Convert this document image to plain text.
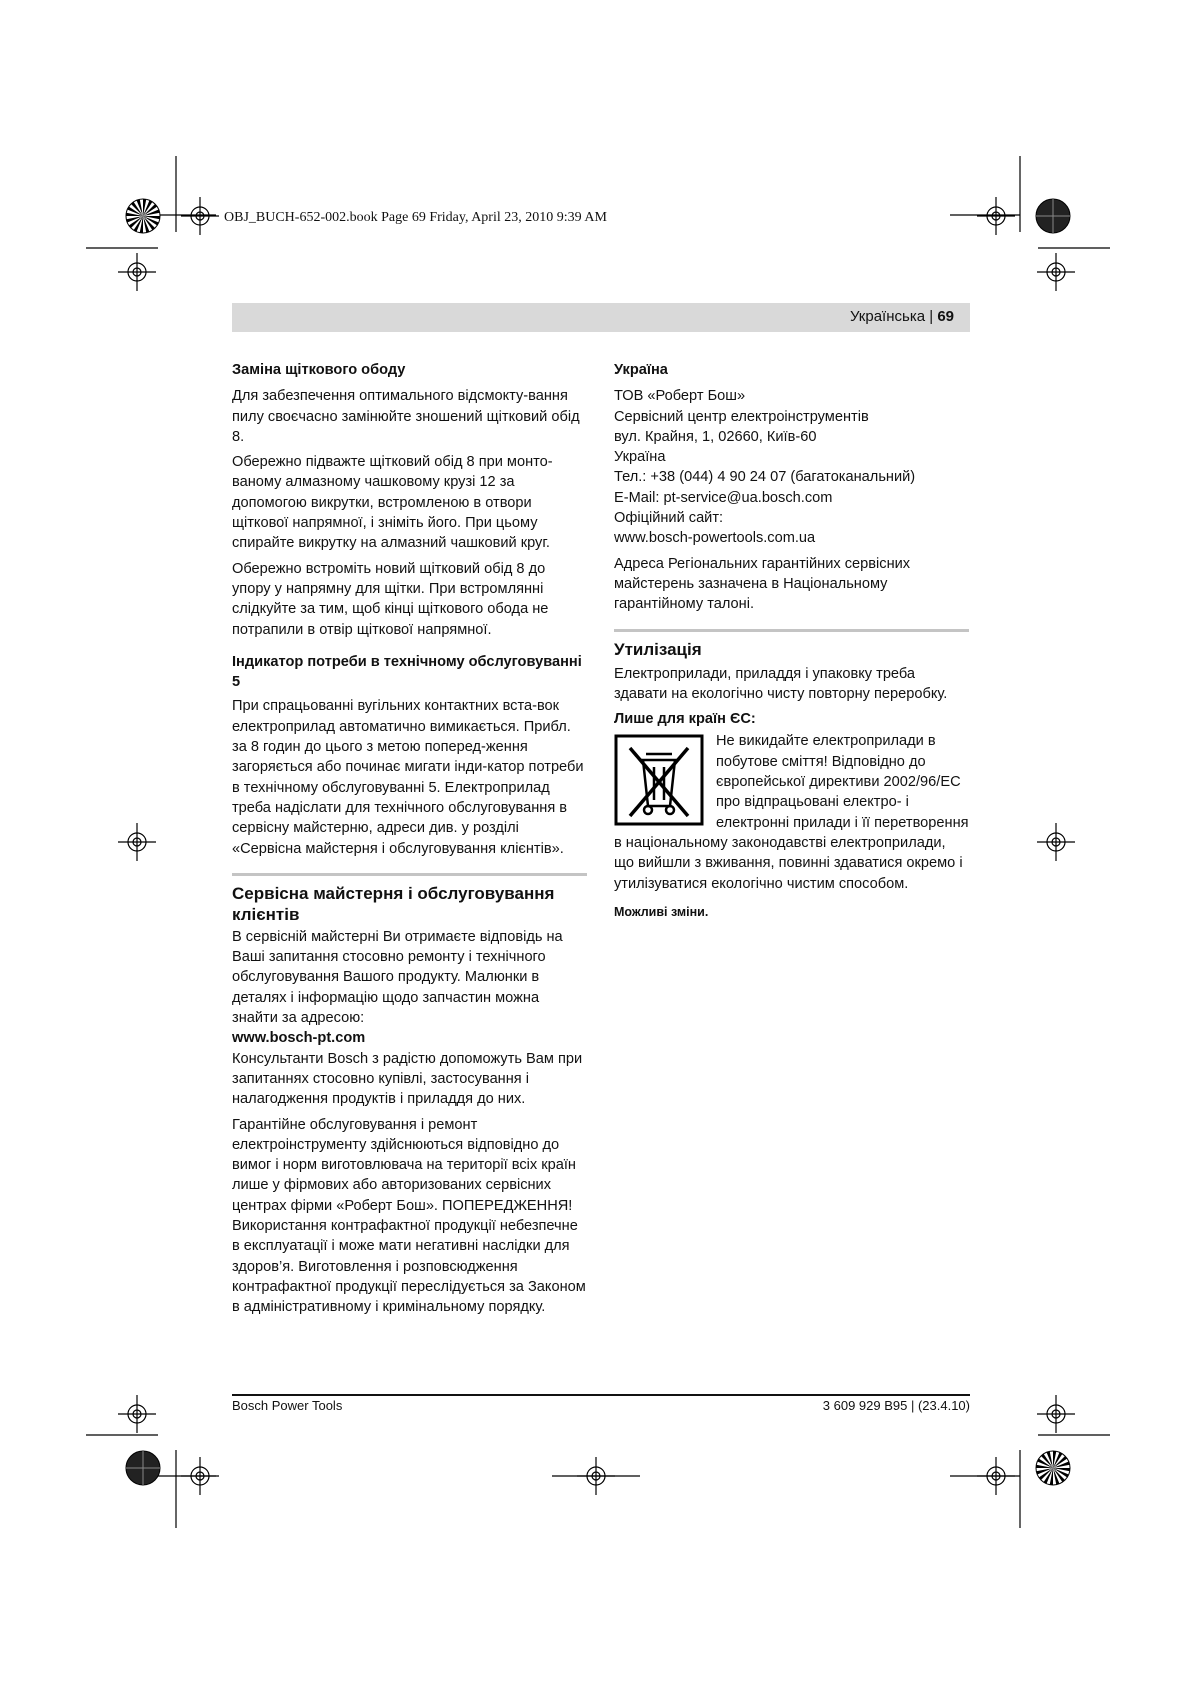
OBJ_BUCH-652-002.book Page 69 Friday, April 23, 2010 9:39 AM
Українська | 69
Заміна щіткового ободу

Для забезпечення оптимального відсмокту-вання пилу своєчасно замінюйте зношений щітковий обід 8.

Обережно підважте щітковий обід 8 при монто-ваному алмазному чашковому крузі 12 за допомогою викрутки, встромленою в отвори щіткової напрямної, і зніміть його. При цьому спирайте викрутку на алмазний чашковий круг.

Обережно встроміть новий щітковий обід 8 до упору у напрямну для щітки. При встромлянні слідкуйте за тим, щоб кінці щіткового обода не потрапили в отвір щіткової напрямної.

Індикатор потреби в технічному обслуговуванні 5

При спрацьованні вугільних контактних вста-вок електроприлад автоматично вимикається. Прибл. за 8 годин до цього з метою поперед-ження загоряється або починає мигати інди-катор потреби в технічному обслуговуванні 5. Електроприлад треба надіслати для технічного обслуговування в сервісну майстерню, адреси див. у розділі «Сервісна майстерня і обслуговування клієнтів».

Сервісна майстерня і обслуговування клієнтів

В сервісній майстерні Ви отримаєте відповідь на Ваші запитання стосовно ремонту і технічного обслуговування Вашого продукту. Малюнки в деталях і інформацію щодо запчастин можна знайти за адресою:

www.bosch-pt.com

Консультанти Bosch з радістю допоможуть Вам при запитаннях стосовно купівлі, застосування і налагодження продуктів і приладдя до них.

Гарантійне обслуговування і ремонт електроінструменту здійснюються відповідно до вимог і норм виготовлювача на території всіх країн лише у фірмових або авторизованих сервісних центрах фірми «Роберт Бош». ПОПЕРЕДЖЕННЯ! Використання контрафактної продукції небезпечне в експлуатації і може мати негативні наслідки для здоров’я. Виготовлення і розповсюдження контрафактної продукції переслідується за Законом в адміністративному і кримінальному порядку.

Україна
ТОВ «Роберт Бош»
Сервісний центр електроінструментів
вул. Крайня, 1, 02660, Київ-60
Україна
Тел.: +38 (044) 4 90 24 07 (багатоканальний)
E-Mail: pt-service@ua.bosch.com
Офіційний сайт:
www.bosch-powertools.com.ua

Адреса Регіональних гарантійних сервісних майстерень зазначена в Національному гарантійному талоні.

Утилізація

Електроприлади, приладдя і упаковку треба здавати на екологічно чисту повторну переробку.

Лише для країн ЄС:
Не викидайте електроприлади в побутове сміття! Відповідно до європейської директиви 2002/96/EC про відпрацьовані електро- і електронні прилади і її перетворення в національному законодавстві електроприлади, що вийшли з вживання, повинні здаватися окремо і утилізуватися екологічно чистим способом.

Можливі зміни.

Bosch Power Tools	3 609 929 B95 | (23.4.10)
